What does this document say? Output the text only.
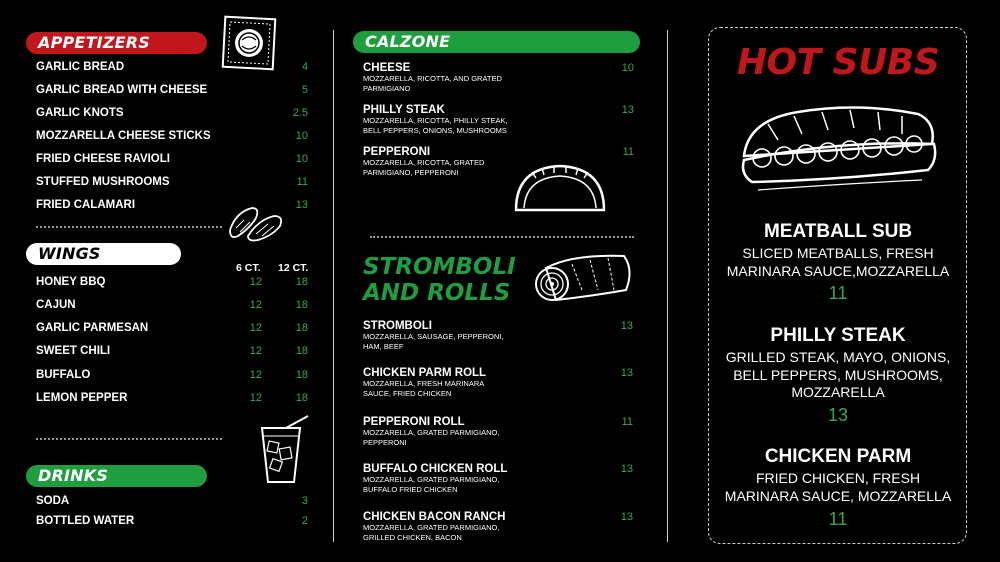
APPETIZERS
GARLIC BREAD	4
GARLIC BREAD WITH CHEESE	5
GARLIC KNOTS	2.5
MOZZARELLA CHEESE STICKS	10
FRIED CHEESE RAVIOLI	10
STUFFED MUSHROOMS	11
FRIED CALAMARI	13
WINGS
6 CT. 12 CT.
HONEY BBQ	12	18
CAJUN	12	18
GARLIC PARMESAN	12	18
SWEET CHILI	12	18
BUFFALO	12	18
LEMON PEPPER	12	18
DRINKS
SODA	3
BOTTLED WATER	2
CALZONE
CHEESE
MOZZARELLA, RICOTTA, AND GRATED PARMIGIANO
10
PHILLY STEAK
MOZZARELLA, RICOTTA, PHILLY STEAK, BELL PEPPERS, ONIONS, MUSHROOMS
13
PEPPERONI
MOZZARELLA, RICOTTA, GRATED PARMIGIANO, PEPPERONI
11
STROMBOLI
AND ROLLS
STROMBOLI
MOZZARELLA, SAUSAGE, PEPPERONI, HAM, BEEF
13
CHICKEN PARM ROLL
MOZZARELLA, FRESH MARINARA SAUCE, FRIED CHICKEN
13
PEPPERONI ROLL
MOZZARELLA, GRATED PARMIGIANO, PEPPERONI
11
BUFFALO CHICKEN ROLL
MOZZARELLA, GRATED PARMIGIANO, BUFFALO FRIED CHICKEN
13
CHICKEN BACON RANCH
MOZZARELLA, GRATED PARMIGIANO, GRILLED CHICKEN, BACON
13
HOT SUBS
MEATBALL SUB
SLICED MEATBALLS, FRESH MARINARA SAUCE,MOZZARELLA
11
PHILLY STEAK
GRILLED STEAK, MAYO, ONIONS, BELL PEPPERS, MUSHROOMS, MOZZARELLA
13
CHICKEN PARM
FRIED CHICKEN, FRESH MARINARA SAUCE, MOZZARELLA
11
